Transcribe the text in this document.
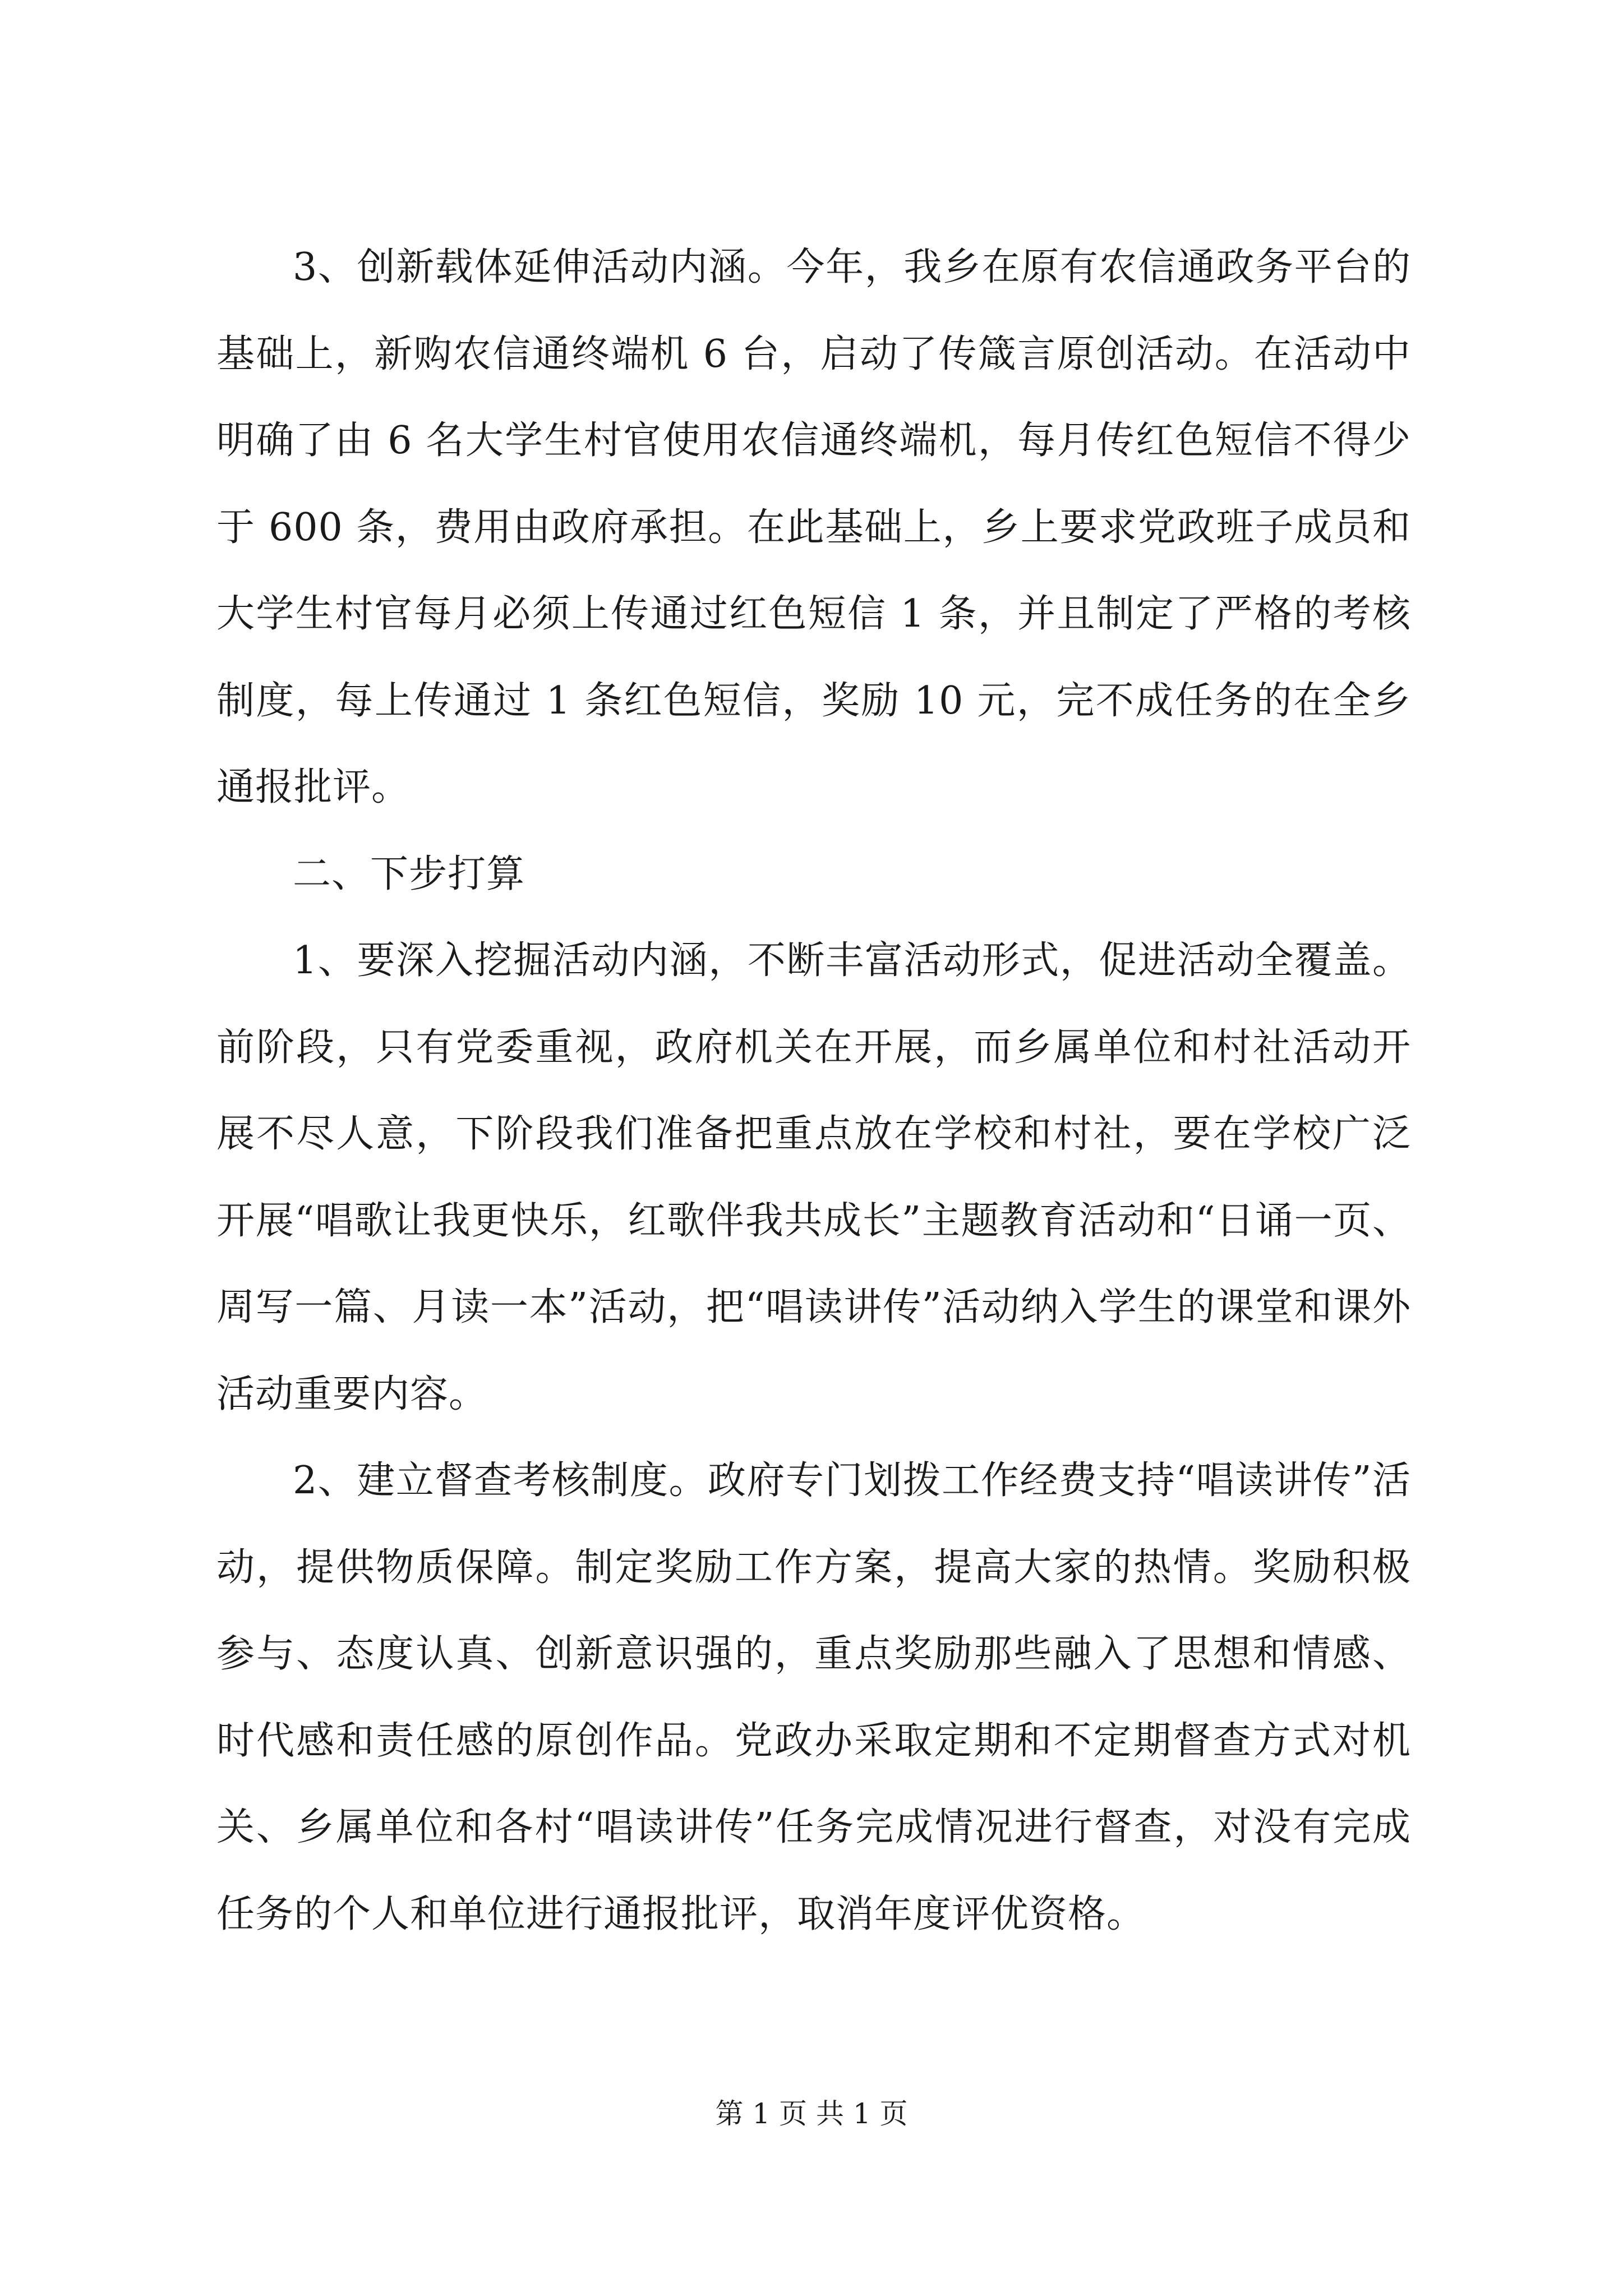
3、创新载体延伸活动内涵。今年，我乡在原有农信通政务平台的基础上，新购农信通终端机 6 台，启动了传箴言原创活动。在活动中明确了由 6 名大学生村官使用农信通终端机，每月传红色短信不得少于 600 条，费用由政府承担。在此基础上，乡上要求党政班子成员和大学生村官每月必须上传通过红色短信 1 条，并且制定了严格的考核制度，每上传通过 1 条红色短信，奖励 10 元，完不成任务的在全乡通报批评。

二、下步打算

1、要深入挖掘活动内涵，不断丰富活动形式，促进活动全覆盖。前阶段，只有党委重视，政府机关在开展，而乡属单位和村社活动开展不尽人意，下阶段我们准备把重点放在学校和村社，要在学校广泛开展“唱歌让我更快乐，红歌伴我共成长”主题教育活动和“日诵一页、周写一篇、月读一本”活动，把“唱读讲传”活动纳入学生的课堂和课外活动重要内容。

2、建立督查考核制度。政府专门划拨工作经费支持“唱读讲传”活动，提供物质保障。制定奖励工作方案，提高大家的热情。奖励积极参与、态度认真、创新意识强的，重点奖励那些融入了思想和情感、时代感和责任感的原创作品。党政办采取定期和不定期督查方式对机关、乡属单位和各村“唱读讲传”任务完成情况进行督查，对没有完成任务的个人和单位进行通报批评，取消年度评优资格。

第 1 页 共 1 页
